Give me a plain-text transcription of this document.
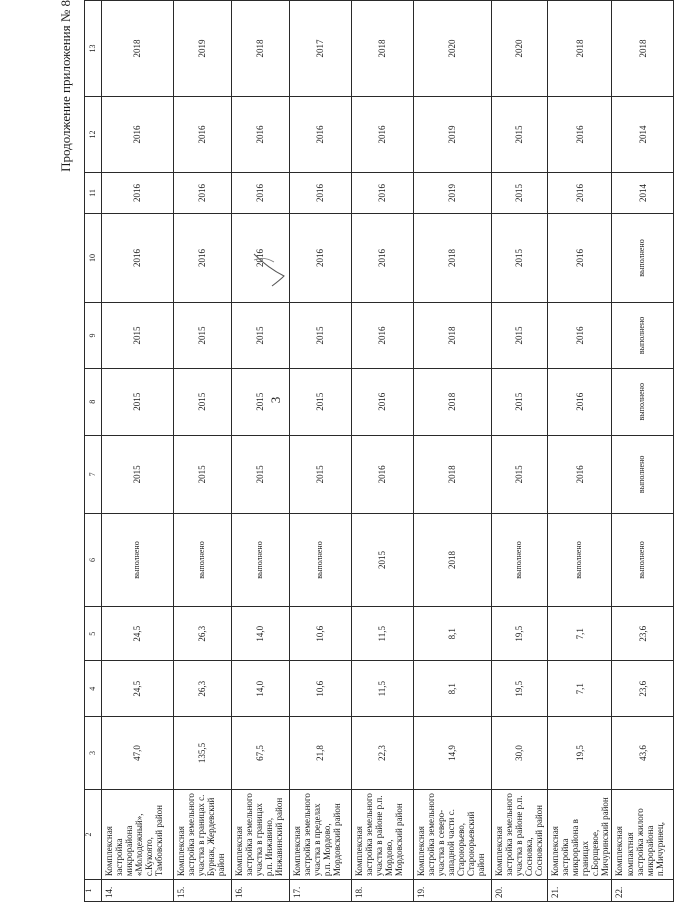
3
Продолжение приложения № 8
1	2	3	4	5	6	7	8	9	10	11	12	13
14.	Комплексная застройка микрорайона «Молодежный», с.Кукоято, Тамбовский район	47,0	24,5	24,5	выполнено	2015	2015	2015	2016	2016	2016	2018
15.	Комплексная застройка земельного участка в границах с. Бурнак, Жердевский район	135,5	26,3	26,3	выполнено	2015	2015	2015	2016	2016	2016	2019
16.	Комплексная застройка земельного участка в границах р.п. Инжавино, Инжавинский район	67,5	14,0	14,0	выполнено	2015	2015	2015	2016	2016	2016	2018
17.	Комплексная застройка земельного участка в пределах р.п. Мордово, Мордовский район	21,8	10,6	10,6	выполнено	2015	2015	2015	2016	2016	2016	2017
18.	Комплексная застройка земельного участка в районе р.п. Мордово, Мордовский район	22,3	11,5	11,5	2015	2016	2016	2016	2016	2016	2016	2018
19.	Комплексная застройка земельного участка в северо-западной части с. Староюрьево, Староюрьевский район	14,9	8,1	8,1	2018	2018	2018	2018	2018	2019	2019	2020
20.	Комплексная застройка земельного участка в районе р.п. Сосновка, Сосновский район	30,0	19,5	19,5	выполнено	2015	2015	2015	2015	2015	2015	2020
21.	Комплексная застройка микрорайона в границах с.Борщевое, Мичуринский район	19,5	7,1	7,1	выполнено	2016	2016	2016	2016	2016	2016	2018
22.	Комплексная компактная застройка жилого микрорайона п.Мичуринец,	43,6	23,6	23,6	выполнено	выполнено	выполнено	выполнено	выполнено	2014	2014	2018
